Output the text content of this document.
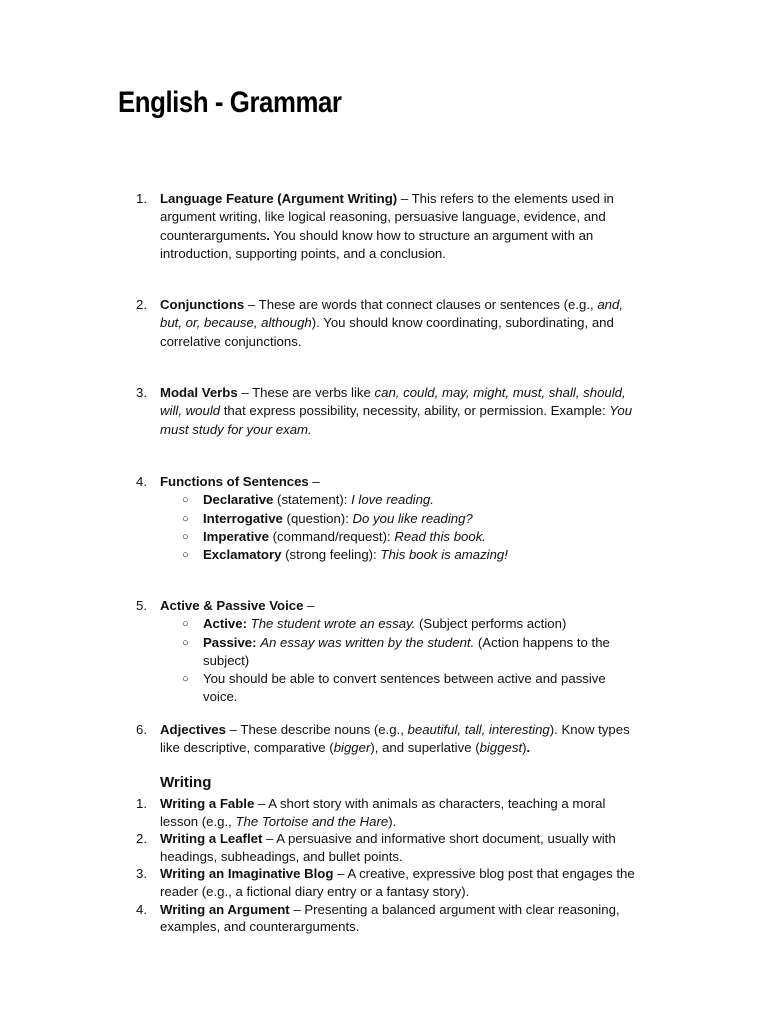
English - Grammar
1. Language Feature (Argument Writing) – This refers to the elements used in argument writing, like logical reasoning, persuasive language, evidence, and counterarguments. You should know how to structure an argument with an introduction, supporting points, and a conclusion.
2. Conjunctions – These are words that connect clauses or sentences (e.g., and, but, or, because, although). You should know coordinating, subordinating, and correlative conjunctions.
3. Modal Verbs – These are verbs like can, could, may, might, must, shall, should, will, would that express possibility, necessity, ability, or permission. Example: You must study for your exam.
4. Functions of Sentences –
○ Declarative (statement): I love reading.
○ Interrogative (question): Do you like reading?
○ Imperative (command/request): Read this book.
○ Exclamatory (strong feeling): This book is amazing!
5. Active & Passive Voice –
○ Active: The student wrote an essay. (Subject performs action)
○ Passive: An essay was written by the student. (Action happens to the subject)
○ You should be able to convert sentences between active and passive voice.
6. Adjectives – These describe nouns (e.g., beautiful, tall, interesting). Know types like descriptive, comparative (bigger), and superlative (biggest).
Writing
1. Writing a Fable – A short story with animals as characters, teaching a moral lesson (e.g., The Tortoise and the Hare).
2. Writing a Leaflet – A persuasive and informative short document, usually with headings, subheadings, and bullet points.
3. Writing an Imaginative Blog – A creative, expressive blog post that engages the reader (e.g., a fictional diary entry or a fantasy story).
4. Writing an Argument – Presenting a balanced argument with clear reasoning, examples, and counterarguments.
